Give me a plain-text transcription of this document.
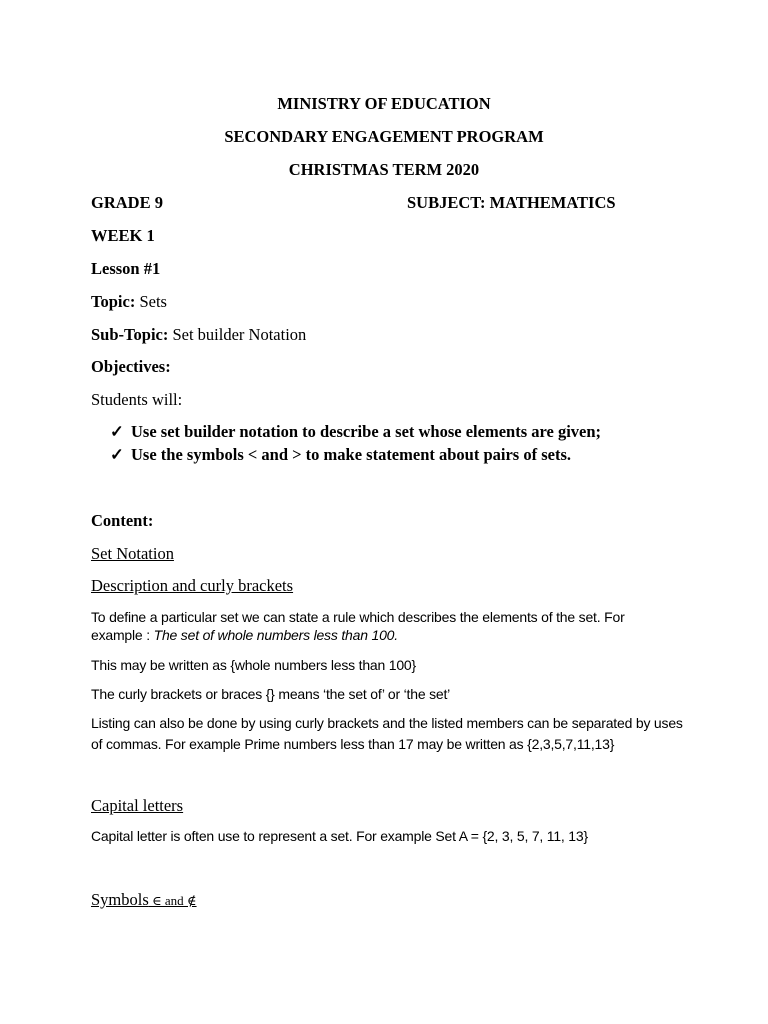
MINISTRY OF EDUCATION
SECONDARY ENGAGEMENT PROGRAM
CHRISTMAS TERM 2020
GRADE 9	SUBJECT: MATHEMATICS
WEEK 1
Lesson #1
Topic: Sets
Sub-Topic: Set builder Notation
Objectives:
Students will:
✓ Use set builder notation to describe a set whose elements are given;
✓ Use the symbols < and > to make statement about pairs of sets.
Content:
Set Notation
Description and curly brackets
To define a particular set we can state a rule which describes the elements of the set. For
example : The set of whole numbers less than 100.
This may be written as {whole numbers less than 100}
The curly brackets or braces {} means ‘the set of’ or ‘the set’
Listing can also be done by using curly brackets and the listed members can be separated by uses
of commas. For example Prime numbers less than 17 may be written as {2,3,5,7,11,13}
Capital letters
Capital letter is often use to represent a set. For example Set A = {2, 3, 5, 7, 11, 13}
Symbols ∈ and ∉
